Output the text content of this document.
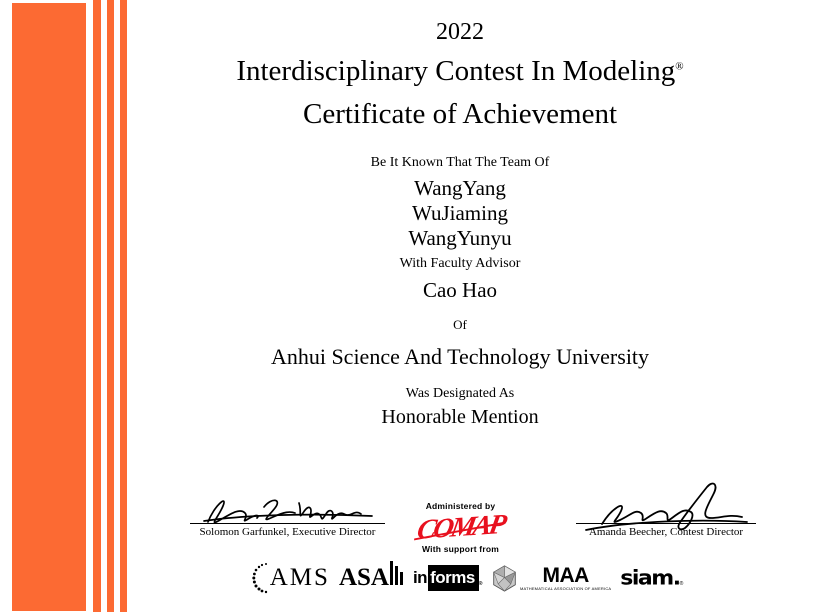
2022
Interdisciplinary Contest In Modeling®
Certificate of Achievement
Be It Known That The Team Of
WangYang
WuJiaming
WangYunyu
With Faculty Advisor
Cao Hao
Of
Anhui Science And Technology University
Was Designated As
Honorable Mention
Solomon Garfunkel, Executive Director
Administered by
COMAP
With support from
Amanda Beecher, Contest Director
AMS ASA in forms ®	MAA
MATHEMATICAL ASSOCIATION OF AMERICA siam. ®
